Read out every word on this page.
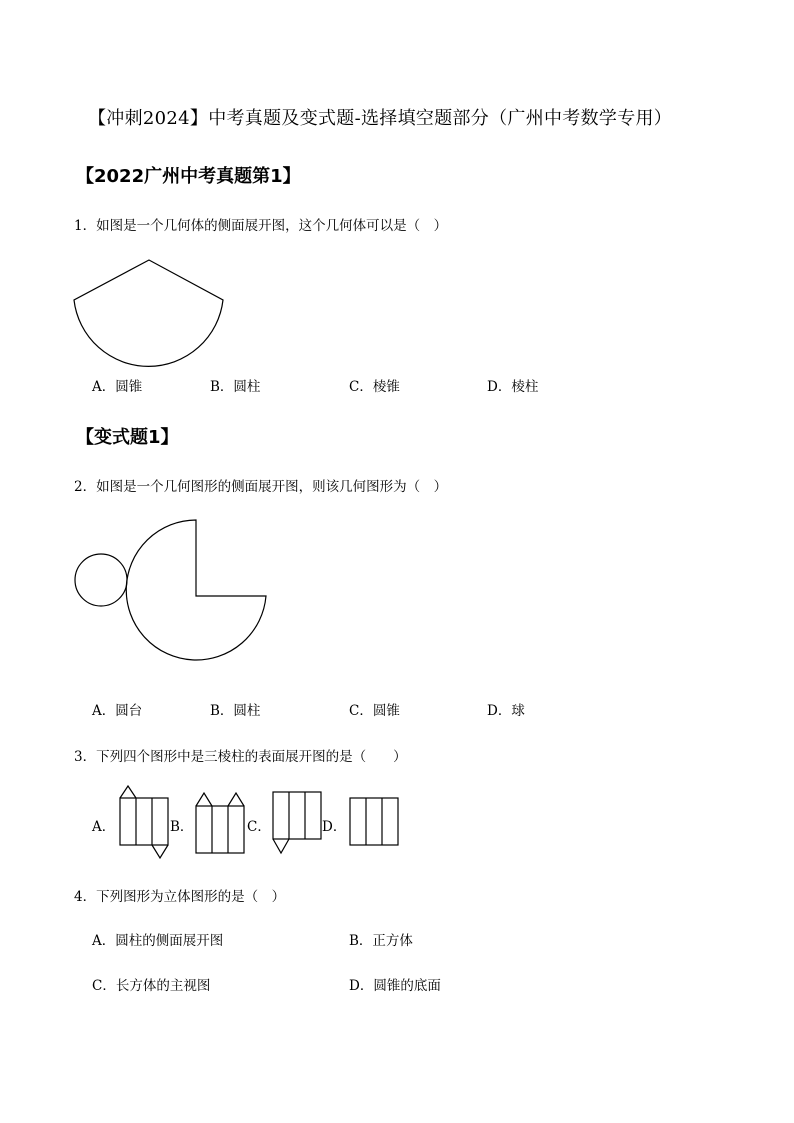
【冲刺2024】中考真题及变式题-选择填空题部分（广州中考数学专用）
【2022广州中考真题第1】
1．如图是一个几何体的侧面展开图，这个几何体可以是（　）
A．圆锥	B．圆柱	C．棱锥	D．棱柱
【变式题1】
2．如图是一个几何图形的侧面展开图，则该几何图形为（　）
A．圆台	B．圆柱	C．圆锥	D．球
3．下列四个图形中是三棱柱的表面展开图的是（　　）
A．	B．	C．	D．
4．下列图形为立体图形的是（　）
A．圆柱的侧面展开图	B．正方体
C．长方体的主视图	D．圆锥的底面
